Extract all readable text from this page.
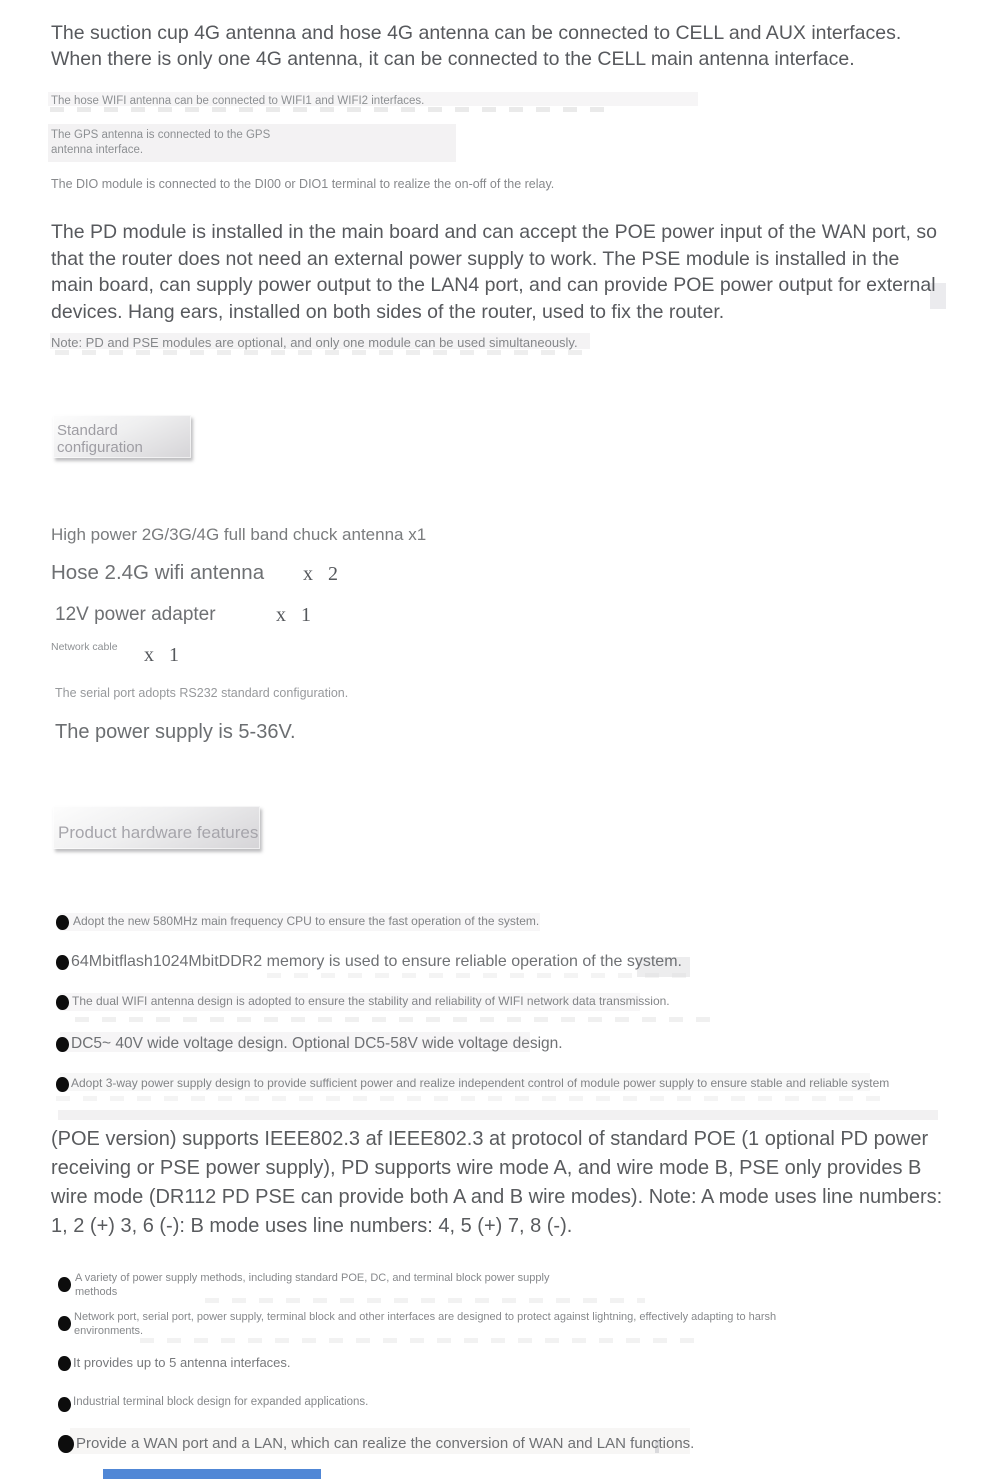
The suction cup 4G antenna and hose 4G antenna can be connected to CELL and AUX interfaces. When there is only one 4G antenna, it can be connected to the CELL main antenna interface.
The hose WIFI antenna can be connected to WIFI1 and WIFI2 interfaces.
The GPS antenna is connected to the GPS antenna interface.
The DIO module is connected to the DI00 or DIO1 terminal to realize the on-off of the relay.
The PD module is installed in the main board and can accept the POE power input of the WAN port, so that the router does not need an external power supply to work. The PSE module is installed in the main board, can supply power output to the LAN4 port, and can provide POE power output for external devices. Hang ears, installed on both sides of the router, used to fix the router.
Note: PD and PSE modules are optional, and only one module can be used simultaneously.
Standard configuration
High power 2G/3G/4G full band chuck antenna x1
Hose 2.4G wifi antenna x 2
12V power adapter	x 1
Network cable	x 1
The serial port adopts RS232 standard configuration.
The power supply is 5-36V.
Product hardware features
Adopt the new 580MHz main frequency CPU to ensure the fast operation of the system.
64Mbitflash1024MbitDDR2 memory is used to ensure reliable operation of the system.
The dual WIFI antenna design is adopted to ensure the stability and reliability of WIFI network data transmission.
DC5~ 40V wide voltage design. Optional DC5-58V wide voltage design.
Adopt 3-way power supply design to provide sufficient power and realize independent control of module power supply to ensure stable and reliable system
(POE version) supports IEEE802.3 af IEEE802.3 at protocol of standard POE (1 optional PD power receiving or PSE power supply), PD supports wire mode A, and wire mode B, PSE only provides B wire mode (DR112 PD PSE can provide both A and B wire modes). Note: A mode uses line numbers: 1, 2 (+) 3, 6 (-): B mode uses line numbers: 4, 5 (+) 7, 8 (-).
A variety of power supply methods, including standard POE, DC, and terminal block power supply methods
Network port, serial port, power supply, terminal block and other interfaces are designed to protect against lightning, effectively adapting to harsh environments.
It provides up to 5 antenna interfaces.
Industrial terminal block design for expanded applications.
Provide a WAN port and a LAN, which can realize the conversion of WAN and LAN functions.
